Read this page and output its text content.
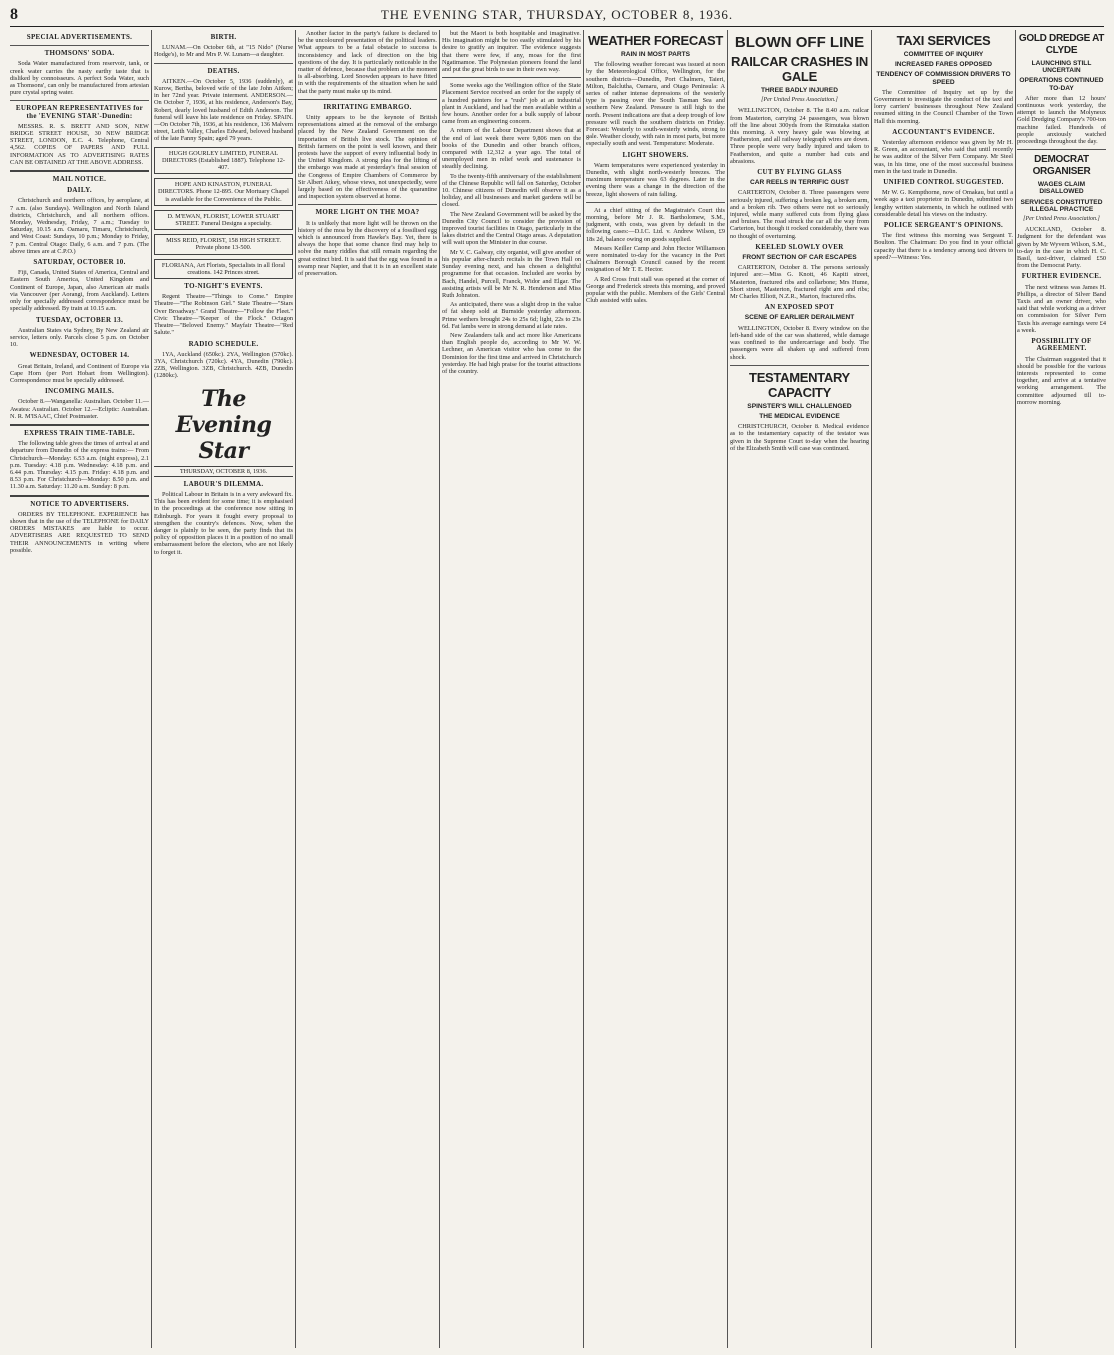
8	THE EVENING STAR, THURSDAY, OCTOBER 8, 1936.
SPECIAL ADVERTISEMENTS.
THOMSONS' SODA.

Soda Water manufactured from reservoir, tank, or creek water carries the nasty earthy taste that is disliked by connoisseurs. A perfect Soda Water, such as Thomsons', can only be manufactured from artesian pure crystal spring water.

EUROPEAN REPRESENTATIVES for the 'EVENING STAR'-Dunedin:

MESSRS. R. S. BRETT AND SON, NEW BRIDGE STREET HOUSE, 30 NEW BRIDGE STREET, LONDON, E.C. 4. Telephone, Central 4,562. COPIES OF PAPERS AND FULL INFORMATION AS TO ADVERTISING RATES CAN BE OBTAINED AT THE ABOVE ADDRESS.

MAIL NOTICE.
DAILY.

Christchurch and northern offices, by aeroplane, at 7 a.m. (also Sundays). Wellington and North Island districts, Christchurch, and all northern offices. Monday, Wednesday, Friday, 7 a.m.; Tuesday to Saturday, 10.15 a.m. Oamaru, Timaru, Christchurch, and West Coast: Sundays, 10 p.m.; Monday to Friday, 7 p.m. Central Otago: Daily, 6 a.m. and 7 p.m. (The above times are at C.P.O.)

SATURDAY, OCTOBER 10.

Fiji, Canada, United States of America, Central and Eastern South America, United Kingdom and Continent of Europe, Japan, also American air mails via Vancouver (per Aorangi, from Auckland). Letters only for specially addressed correspondence must be specially addressed. By train at 10.15 a.m.

TUESDAY, OCTOBER 13.

Australian States via Sydney, By New Zealand air service, letters only. Parcels close 5 p.m. on October 10.

WEDNESDAY, OCTOBER 14.

Great Britain, Ireland, and Continent of Europe via Cape Horn (per Port Hobart from Wellington). Correspondence must be specially addressed.

INCOMING MAILS.

October 8.—Wanganella: Australian. October 11.—Awatea: Australian. October 12.—Ecliptic: Australian. N. R. M'ISAAC, Chief Postmaster.

EXPRESS TRAIN TIME-TABLE.

The following table gives the times of arrival at and departure from Dunedin of the express trains:— From Christchurch—Monday: 6.53 a.m. (night express), 2.1 p.m. Tuesday: 4.18 p.m. Wednesday: 4.18 p.m. and 6.44 p.m. Thursday: 4.15 p.m. Friday: 4.18 p.m. and 8.53 p.m. For Christchurch—Monday: 8.50 p.m. and 11.30 a.m. Saturday: 11.20 a.m. Sunday: 8 p.m.

NOTICE TO ADVERTISERS.

ORDERS BY TELEPHONE. EXPERIENCE has shown that in the use of the TELEPHONE for DAILY ORDERS MISTAKES are liable to occur. ADVERTISERS ARE REQUESTED TO SEND THEIR ANNOUNCEMENTS in writing where possible.

BIRTH.

LUNAM.—On October 6th, at "15 Nido" (Nurse Hodge's), to Mr and Mrs P. W. Lunam—a daughter.

DEATHS.

AITKEN.—On October 5, 1936 (suddenly), at Kurow, Bertha, beloved wife of the late John Aitken; in her 72nd year. Private interment. ANDERSON.—On October 7, 1936, at his residence, Anderson's Bay, Robert, dearly loved husband of Edith Anderson. The funeral will leave his late residence on Friday. SPAIN.—On October 7th, 1936, at his residence, 136 Malvern street, Leith Valley, Charles Edward, beloved husband of the late Fanny Spain; aged 79 years.

HUGH GOURLEY LIMITED, FUNERAL DIRECTORS (Established 1887). Telephone 12-407.
HOPE AND KINASTON, FUNERAL DIRECTORS. Phone 12-895. Our Mortuary Chapel is available for the Convenience of the Public.
D. M'EWAN, FLORIST, LOWER STUART STREET. Funeral Designs a specialty.
MISS REID, FLORIST, 158 HIGH STREET. Private phone 13-500.
FLORIANA, Art Florists, Specialists in all floral creations. 142 Princes street.
TO-NIGHT'S EVENTS.

Regent Theatre—"Things to Come." Empire Theatre—"The Robinson Girl." State Theatre—"Stars Over Broadway." Grand Theatre—"Follow the Fleet." Civic Theatre—"Keeper of the Flock." Octagon Theatre—"Beloved Enemy." Mayfair Theatre—"Red Salute."

RADIO SCHEDULE.

1YA, Auckland (650kc). 2YA, Wellington (570kc). 3YA, Christchurch (720kc). 4YA, Dunedin (790kc). 2ZB, Wellington. 3ZB, Christchurch. 4ZB, Dunedin (1280kc).

The Evening Star
THURSDAY, OCTOBER 8, 1936.
LABOUR'S DILEMMA.

Political Labour in Britain is in a very awkward fix. This has been evident for some time; it is emphasised in the proceedings at the conference now sitting in Edinburgh. For years it fought every proposal to strengthen the country's defences. Now, when the danger is plainly to be seen, the party finds that its policy of opposition places it in a position of no small embarrassment before the electors, who are not likely to forget it.

Another factor in the party's failure is declared to be the uncoloured presentation of the political leaders. What appears to be a fatal obstacle to success is inconsistency and lack of direction on the big questions of the day. It is particularly noticeable in the matter of defence, because that problem at the moment is all-absorbing. Lord Snowden appears to have fitted in with the requirements of the situation when he said that the party must make up its mind.

IRRITATING EMBARGO.

Unity appears to be the keynote of British representations aimed at the removal of the embargo placed by the New Zealand Government on the importation of British live stock. The opinion of British farmers on the point is well known, and their protests have the support of every influential body in the United Kingdom. A strong plea for the lifting of the embargo was made at yesterday's final session of the Congress of Empire Chambers of Commerce by Sir Albert Atkey, whose views, not unexpectedly, were largely based on the effectiveness of the quarantine and inspection system observed at home.

MORE LIGHT ON THE MOA?

It is unlikely that more light will be thrown on the history of the moa by the discovery of a fossilised egg which is announced from Hawke's Bay. Yet, there is always the hope that some chance find may help to solve the many riddles that still remain regarding the great extinct bird. It is said that the egg was found in a swamp near Napier, and that it is in an excellent state of preservation.

but the Maori is both hospitable and imaginative. His imagination might be too easily stimulated by his desire to gratify an inquirer. The evidence suggests that there were few, if any, moas for the first Ngatimamoe. The Polynesian pioneers found the land and put the great birds to use in their own way.

Some weeks ago the Wellington office of the State Placement Service received an order for the supply of a hundred painters for a "rush" job at an industrial plant in Auckland, and had the men available within a few hours. Another order for a bulk supply of labour came from an engineering concern.

A return of the Labour Department shows that at the end of last week there were 9,806 men on the books of the Dunedin and other branch offices, compared with 12,312 a year ago. The total of unemployed men in relief work and sustenance is steadily declining.

To the twenty-fifth anniversary of the establishment of the Chinese Republic will fall on Saturday, October 10. Chinese citizens of Dunedin will observe it as a holiday, and all businesses and market gardens will be closed.

The New Zealand Government will be asked by the Dunedin City Council to consider the provision of improved tourist facilities in Otago, particularly in the lakes district and the Central Otago areas. A deputation will wait upon the Minister in due course.

Mr V. C. Galway, city organist, will give another of his popular after-church recitals in the Town Hall on Sunday evening next, and has chosen a delightful programme for that occasion. Included are works by Bach, Handel, Purcell, Franck, Widor and Elgar. The assisting artists will be Mr N. R. Henderson and Miss Ruth Johnston.

As anticipated, there was a slight drop in the value of fat sheep sold at Burnside yesterday afternoon. Prime wethers brought 24s to 25s 6d; light, 22s to 23s 6d. Fat lambs were in strong demand at late rates.

New Zealanders talk and act more like Americans than English people do, according to Mr W. W. Lechner, an American visitor who has come to the Dominion for the first time and arrived in Christchurch yesterday. He had high praise for the tourist attractions of the country.

WEATHER FORECAST
RAIN IN MOST PARTS

The following weather forecast was issued at noon by the Meteorological Office, Wellington, for the southern districts—Dunedin, Port Chalmers, Taieri, Milton, Balclutha, Oamaru, and Otago Peninsula: A series of rather intense depressions of the westerly type is passing over the South Tasman Sea and southern New Zealand. Pressure is still high to the north. Present indications are that a deep trough of low pressure will reach the southern districts on Friday. Forecast: Westerly to south-westerly winds, strong to gale. Weather cloudy, with rain in most parts, but more especially south and west. Temperature: Moderate.

LIGHT SHOWERS.

Warm temperatures were experienced yesterday in Dunedin, with slight north-westerly breezes. The maximum temperature was 63 degrees. Later in the evening there was a change in the direction of the breeze, light showers of rain falling.

At a chief sitting of the Magistrate's Court this morning, before Mr J. R. Bartholomew, S.M., judgment, with costs, was given by default in the following cases:—D.I.C. Ltd. v. Andrew Wilson, £9 18s 2d, balance owing on goods supplied.

Messrs Keiller Camp and John Hector Williamson were nominated to-day for the vacancy in the Port Chalmers Borough Council caused by the recent resignation of Mr T. E. Hector.

A Red Cross fruit stall was opened at the corner of George and Frederick streets this morning, and proved popular with the public. Members of the Girls' Central Club assisted with sales.

BLOWN OFF LINE
RAILCAR CRASHES IN GALE
THREE BADLY INJURED
[Per United Press Association.]

WELLINGTON, October 8. The 8.40 a.m. railcar from Masterton, carrying 24 passengers, was blown off the line about 300yds from the Rimutaka station this morning. A very heavy gale was blowing at Featherston, and all railway telegraph wires are down. Three people were very badly injured and taken to Featherston, and quite a number had cuts and abrasions.

CUT BY FLYING GLASS
CAR REELS IN TERRIFIC GUST

CARTERTON, October 8. Three passengers were seriously injured, suffering a broken leg, a broken arm, and a broken rib. Two others were not so seriously injured, while many suffered cuts from flying glass and bruises. The road struck the car all the way from Carterton, but though it rocked considerably, there was no thought of overturning.

KEELED SLOWLY OVER
FRONT SECTION OF CAR ESCAPES

CARTERTON, October 8. The persons seriously injured are:—Miss G. Knott, 46 Kapiti street, Masterton, fractured ribs and collarbone; Mrs Hume, Short street, Masterton, fractured right arm and ribs; Mr Charles Elliott, N.Z.R., Marton, fractured ribs.

AN EXPOSED SPOT
SCENE OF EARLIER DERAILMENT

WELLINGTON, October 8. Every window on the left-hand side of the car was shattered, while damage was confined to the undercarriage and body. The passengers were all shaken up and suffered from shock.

TESTAMENTARY CAPACITY
SPINSTER'S WILL CHALLENGED
THE MEDICAL EVIDENCE

CHRISTCHURCH, October 8. Medical evidence as to the testamentary capacity of the testator was given in the Supreme Court to-day when the hearing of the Elizabeth Smith will case was continued.

TAXI SERVICES
COMMITTEE OF INQUIRY
INCREASED FARES OPPOSED
TENDENCY OF COMMISSION DRIVERS TO SPEED

The Committee of Inquiry set up by the Government to investigate the conduct of the taxi and lorry carriers' businesses throughout New Zealand resumed sitting in the Council Chamber of the Town Hall this morning.

ACCOUNTANT'S EVIDENCE.

Yesterday afternoon evidence was given by Mr H. R. Green, an accountant, who said that until recently he was auditor of the Silver Fern Company. Mr Steel was, in his time, one of the most successful business men in the taxi trade in Dunedin.

UNIFIED CONTROL SUGGESTED.

Mr W. G. Kempthorne, now of Omakau, but until a week ago a taxi proprietor in Dunedin, submitted two lengthy written statements, in which he outlined with considerable detail his views on the industry.

POLICE SERGEANT'S OPINIONS.

The first witness this morning was Sergeant T. Boulton. The Chairman: Do you find in your official capacity that there is a tendency among taxi drivers to speed?—Witness: Yes.

GOLD DREDGE AT CLYDE
LAUNCHING STILL UNCERTAIN
OPERATIONS CONTINUED TO-DAY

After more than 12 hours' continuous work yesterday, the attempt to launch the Molyneux Gold Dredging Company's 700-ton machine failed. Hundreds of people anxiously watched proceedings throughout the day.

DEMOCRAT ORGANISER
WAGES CLAIM DISALLOWED
SERVICES CONSTITUTED ILLEGAL PRACTICE
[Per United Press Association.]

AUCKLAND, October 8. Judgment for the defendant was given by Mr Wyvern Wilson, S.M., to-day in the case in which H. C. Basil, taxi-driver, claimed £50 from the Democrat Party.

FURTHER EVIDENCE.

The next witness was James H. Phillips, a director of Silver Band Taxis and an owner driver, who said that while working as a driver on commission for Silver Fern Taxis his average earnings were £4 a week.

POSSIBILITY OF AGREEMENT.

The Chairman suggested that it should be possible for the various interests represented to come together, and arrive at a tentative working arrangement. The committee adjourned till to-morrow morning.
